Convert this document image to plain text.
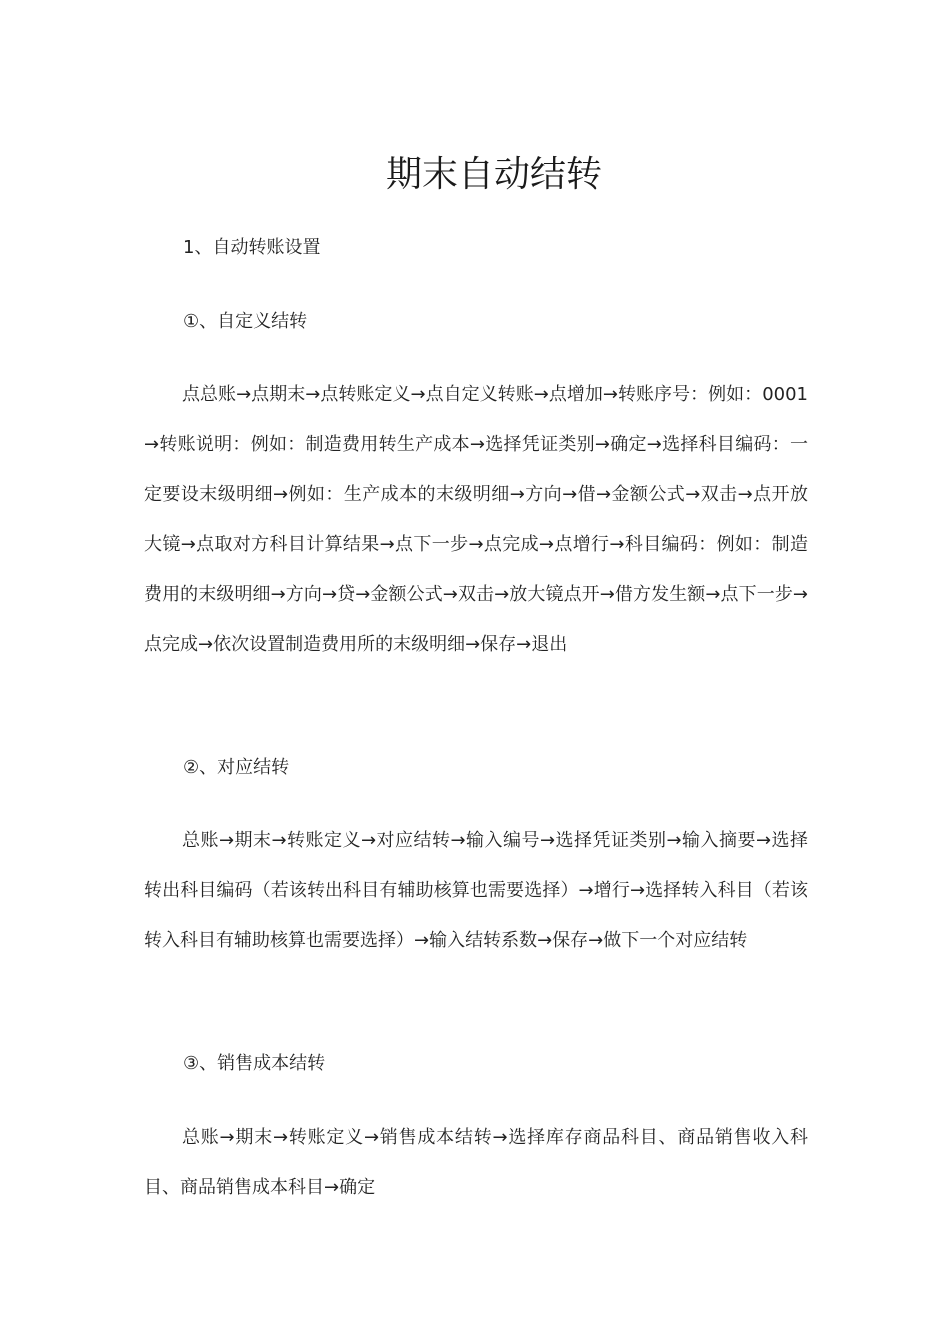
期末自动结转

1、自动转账设置

①、自定义结转

点总账→点期末→点转账定义→点自定义转账→点增加→转账序号：例如：0001→转账说明：例如：制造费用转生产成本→选择凭证类别→确定→选择科目编码：一定要设末级明细→例如：生产成本的末级明细→方向→借→金额公式→双击→点开放大镜→点取对方科目计算结果→点下一步→点完成→点增行→科目编码：例如：制造费用的末级明细→方向→贷→金额公式→双击→放大镜点开→借方发生额→点下一步→点完成→依次设置制造费用所的末级明细→保存→退出

②、对应结转

总账→期末→转账定义→对应结转→输入编号→选择凭证类别→输入摘要→选择转出科目编码（若该转出科目有辅助核算也需要选择）→增行→选择转入科目（若该转入科目有辅助核算也需要选择）→输入结转系数→保存→做下一个对应结转

③、销售成本结转

总账→期末→转账定义→销售成本结转→选择库存商品科目、商品销售收入科目、商品销售成本科目→确定
